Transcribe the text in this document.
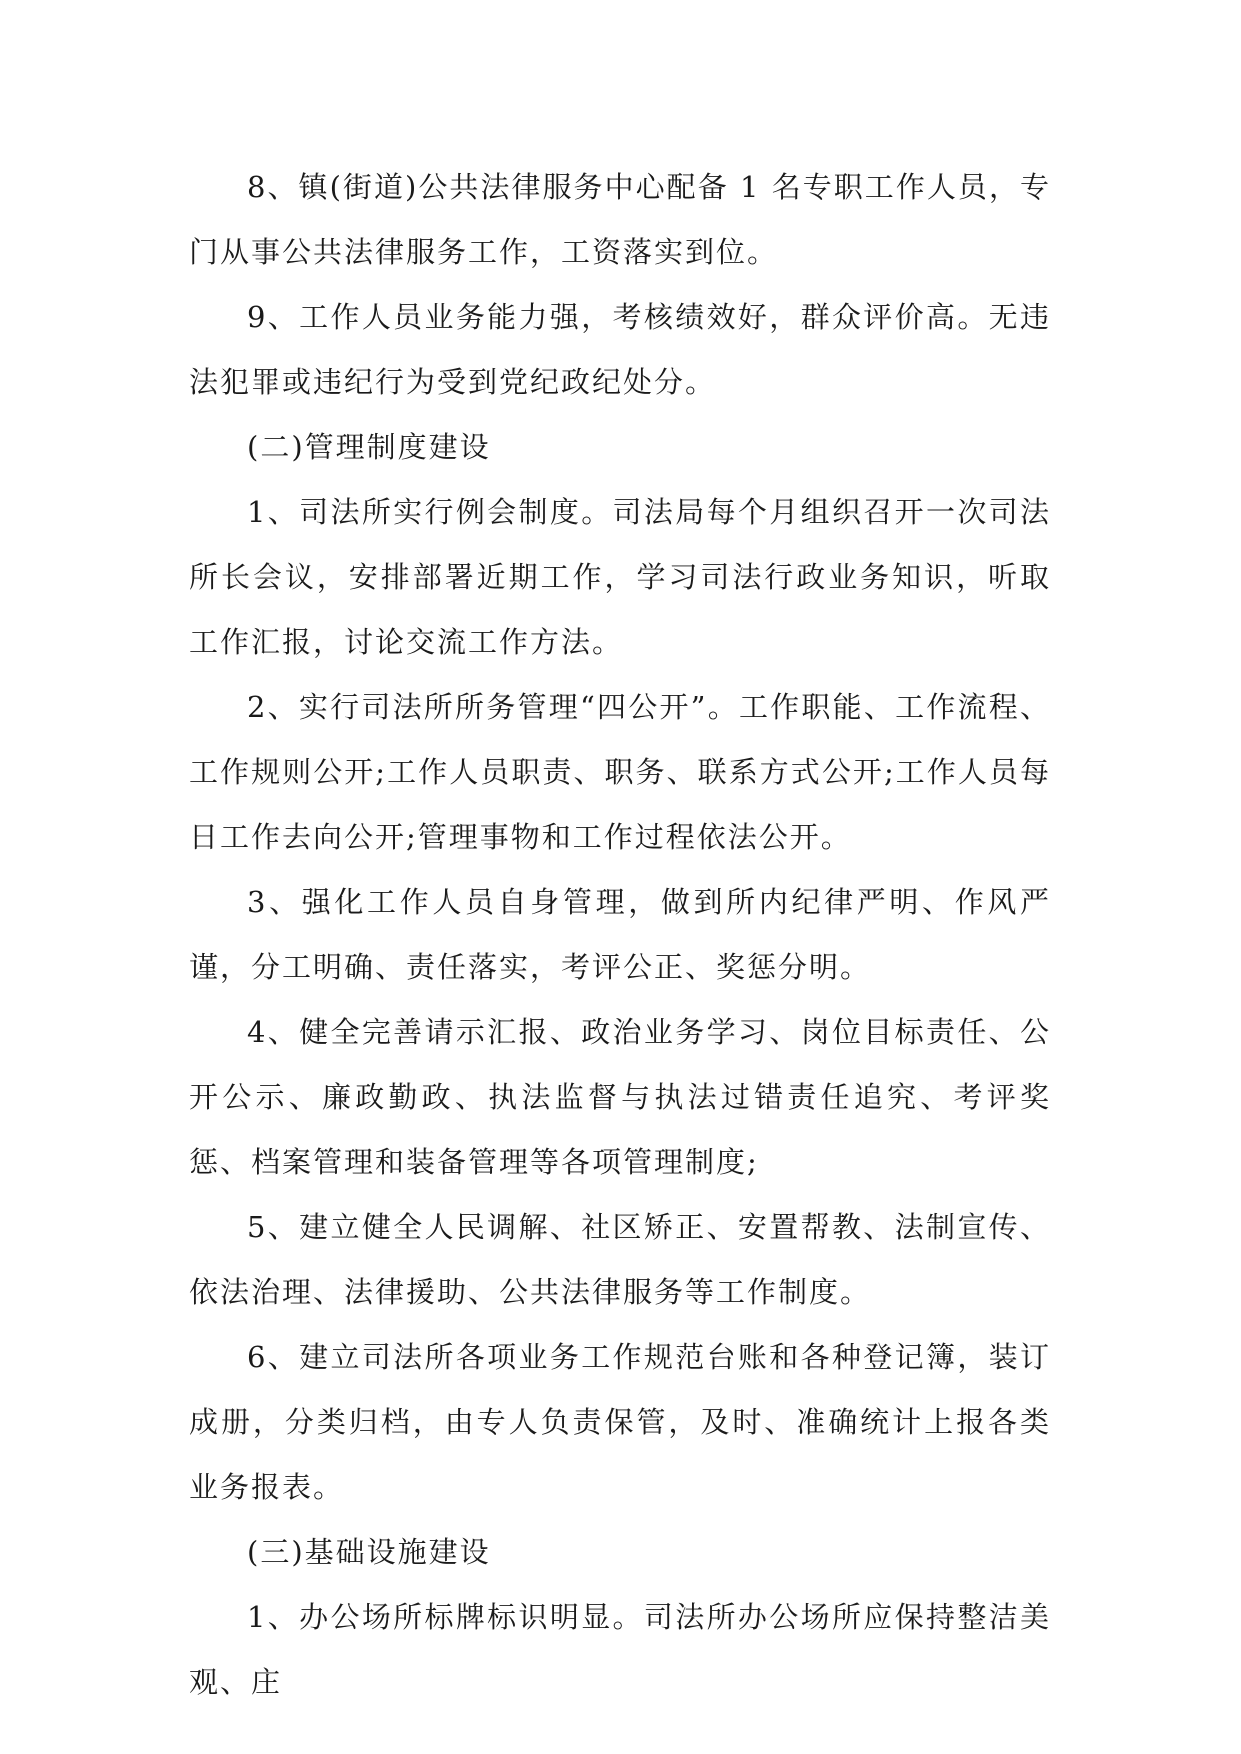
8、镇(街道)公共法律服务中心配备 1 名专职工作人员，专门从事公共法律服务工作，工资落实到位。

9、工作人员业务能力强，考核绩效好，群众评价高。无违法犯罪或违纪行为受到党纪政纪处分。

(二)管理制度建设

1、司法所实行例会制度。司法局每个月组织召开一次司法所长会议，安排部署近期工作，学习司法行政业务知识，听取工作汇报，讨论交流工作方法。

2、实行司法所所务管理“四公开”。工作职能、工作流程、工作规则公开;工作人员职责、职务、联系方式公开;工作人员每日工作去向公开;管理事物和工作过程依法公开。

3、强化工作人员自身管理，做到所内纪律严明、作风严谨，分工明确、责任落实，考评公正、奖惩分明。

4、健全完善请示汇报、政治业务学习、岗位目标责任、公开公示、廉政勤政、执法监督与执法过错责任追究、考评奖惩、档案管理和装备管理等各项管理制度;

5、建立健全人民调解、社区矫正、安置帮教、法制宣传、依法治理、法律援助、公共法律服务等工作制度。

6、建立司法所各项业务工作规范台账和各种登记簿，装订成册，分类归档，由专人负责保管，及时、准确统计上报各类业务报表。

(三)基础设施建设

1、办公场所标牌标识明显。司法所办公场所应保持整洁美观、庄
